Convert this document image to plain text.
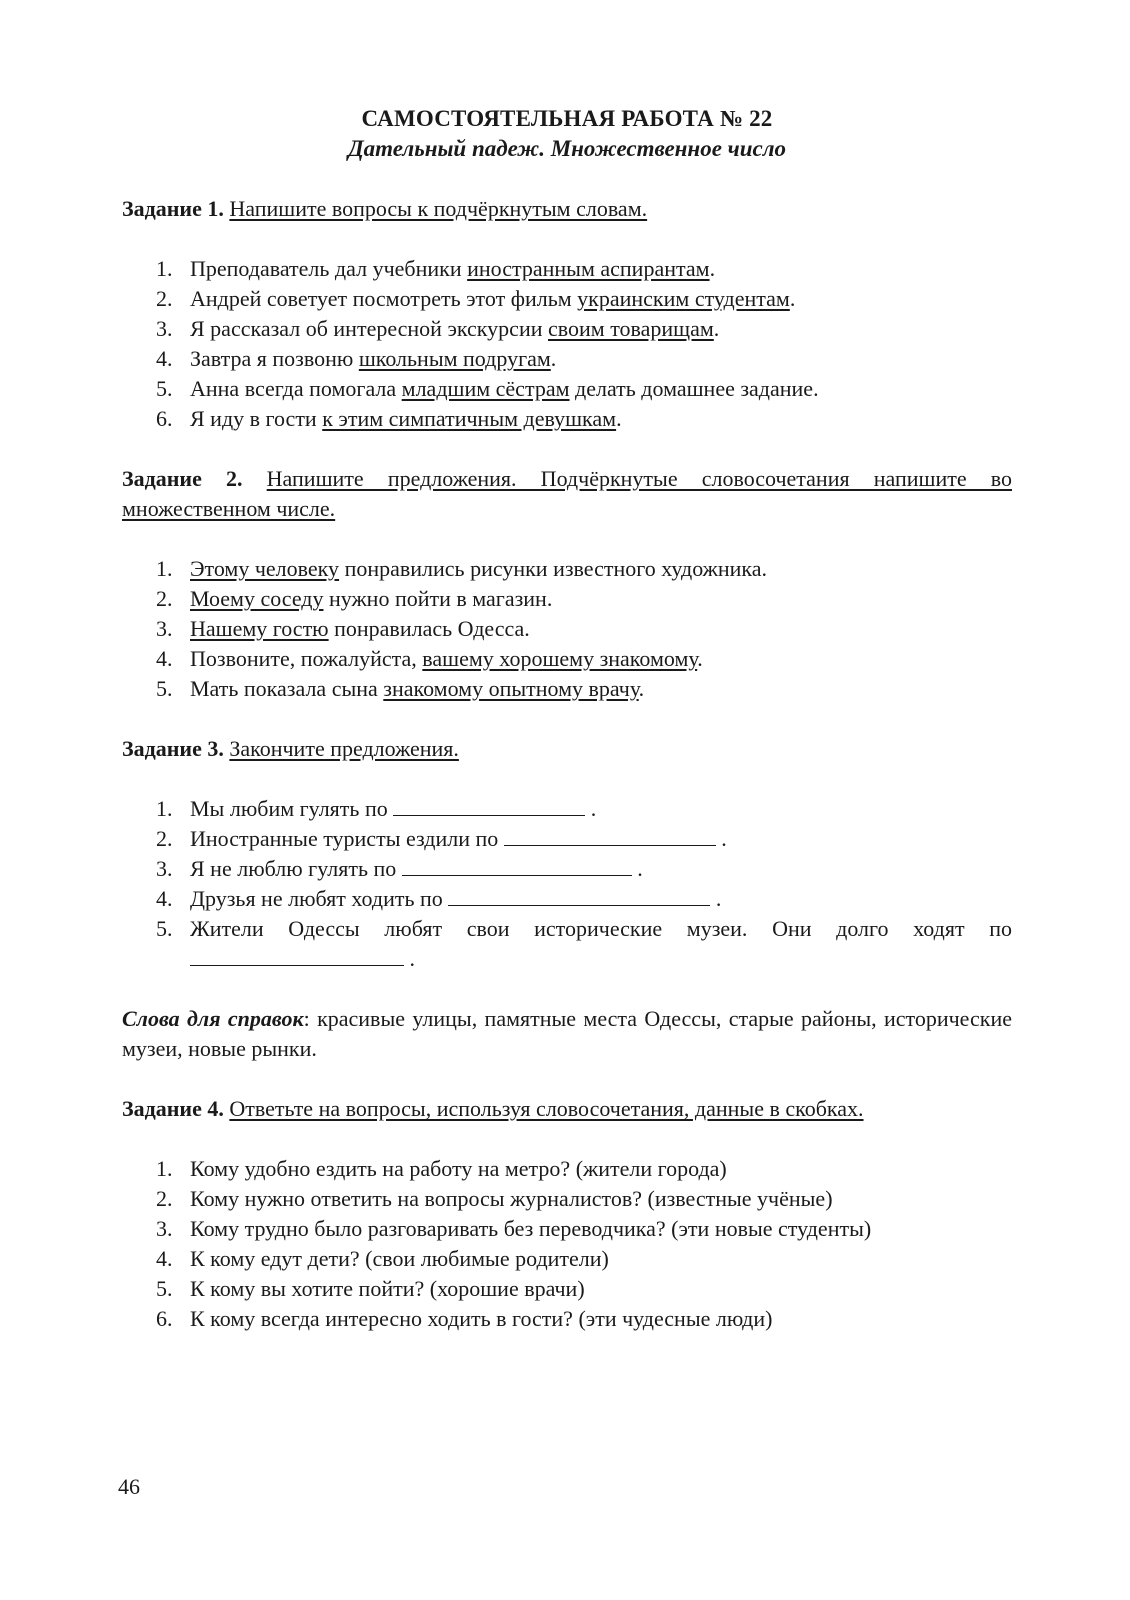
САМОСТОЯТЕЛЬНАЯ РАБОТА № 22
Дательный падеж. Множественное число
Задание 1. Напишите вопросы к подчёркнутым словам.
1. Преподаватель дал учебники иностранным аспирантам.
2. Андрей советует посмотреть этот фильм украинским студентам.
3. Я рассказал об интересной экскурсии своим товарищам.
4. Завтра я позвоню школьным подругам.
5. Анна всегда помогала младшим сёстрам делать домашнее задание.
6. Я иду в гости к этим симпатичным девушкам.
Задание 2. Напишите предложения. Подчёркнутые словосочетания напишите во множественном числе.
1. Этому человеку понравились рисунки известного художника.
2. Моему соседу нужно пойти в магазин.
3. Нашему гостю понравилась Одесса.
4. Позвоните, пожалуйста, вашему хорошему знакомому.
5. Мать показала сына знакомому опытному врачу.
Задание 3. Закончите предложения.
1. Мы любим гулять по	.
2. Иностранные туристы ездили по	.
3. Я не люблю гулять по	.
4. Друзья не любят ходить по	.
5. Жители Одессы любят свои исторические музеи. Они долго ходят по  .
Слова для справок: красивые улицы, памятные места Одессы, старые районы, исторические музеи, новые рынки.
Задание 4. Ответьте на вопросы, используя словосочетания, данные в скобках.
1. Кому удобно ездить на работу на метро? (жители города)
2. Кому нужно ответить на вопросы журналистов? (известные учёные)
3. Кому трудно было разговаривать без переводчика? (эти новые студенты)
4. К кому едут дети? (свои любимые родители)
5. К кому вы хотите пойти? (хорошие врачи)
6. К кому всегда интересно ходить в гости? (эти чудесные люди)
46
